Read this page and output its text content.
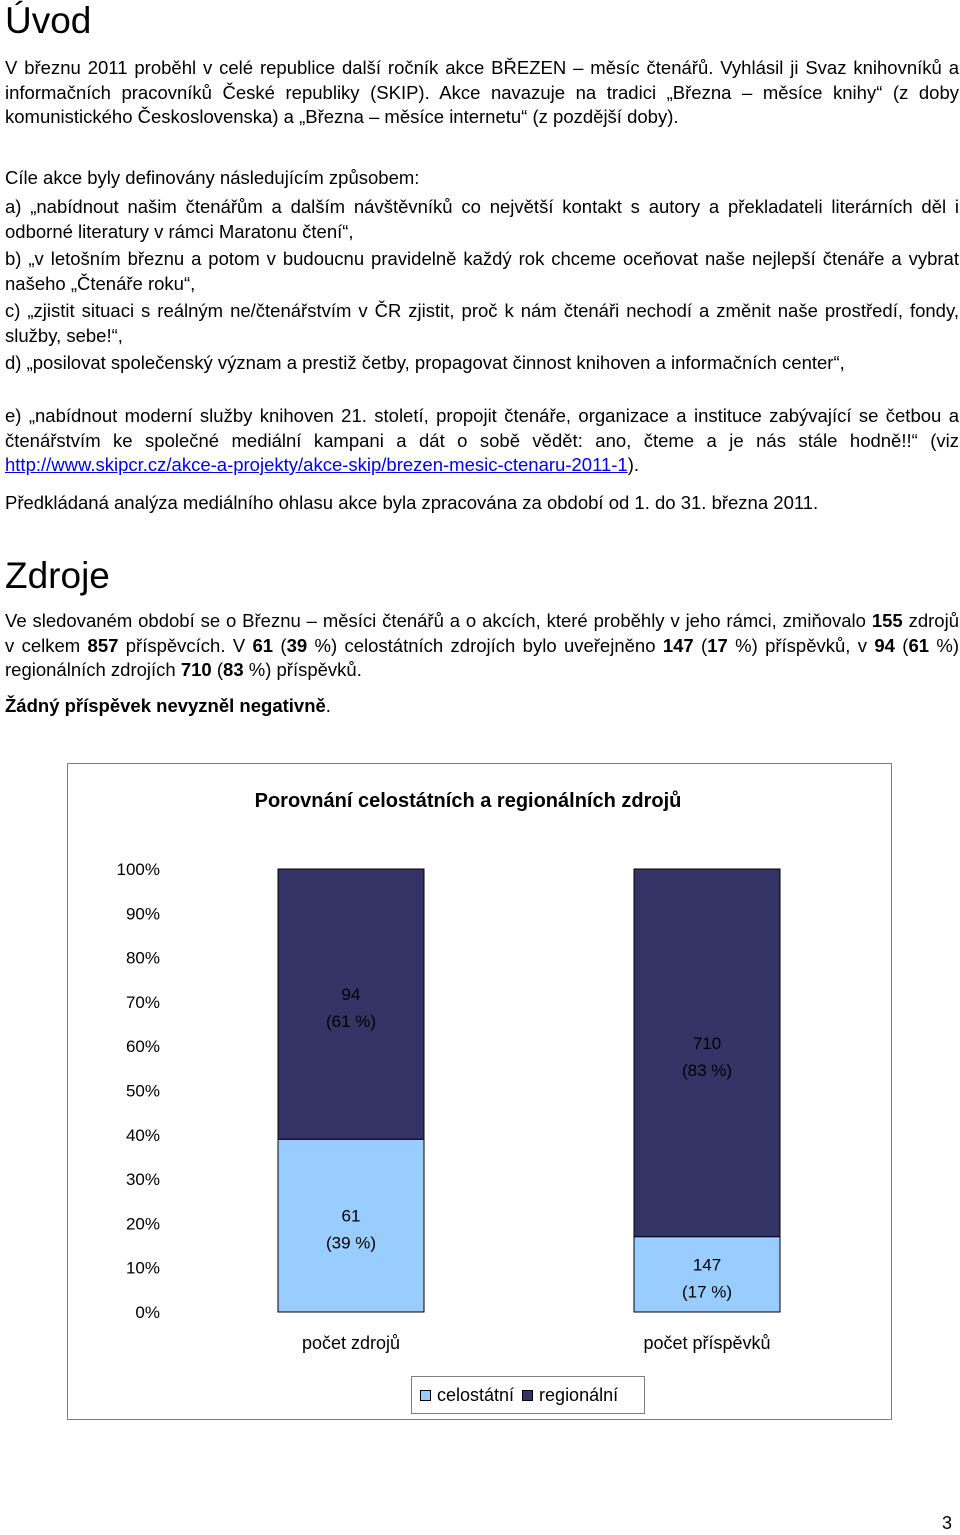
Úvod

V březnu 2011 proběhl v celé republice další ročník akce BŘEZEN – měsíc čtenářů. Vyhlásil ji Svaz knihovníků a informačních pracovníků České republiky (SKIP). Akce navazuje na tradici „Března – měsíce knihy“ (z doby komunistického Československa) a „Března – měsíce internetu“ (z pozdější doby).

Cíle akce byly definovány následujícím způsobem:

a) „nabídnout našim čtenářům a dalším návštěvníků co největší kontakt s autory a překladateli literárních děl i odborné literatury v rámci Maratonu čtení“,

b) „v letošním březnu a potom v budoucnu pravidelně každý rok chceme oceňovat naše nejlepší čtenáře a vybrat našeho „Čtenáře roku“,

c) „zjistit situaci s reálným ne/čtenářstvím v ČR zjistit, proč k nám čtenáři nechodí a změnit naše prostředí, fondy, služby, sebe!“,

d) „posilovat společenský význam a prestiž četby, propagovat činnost knihoven a informačních center“,

e) „nabídnout moderní služby knihoven 21. století, propojit čtenáře, organizace a instituce zabývající se četbou a čtenářstvím ke společné mediální kampani a dát o sobě vědět: ano, čteme a je nás stále hodně!!“ (viz http://www.skipcr.cz/akce-a-projekty/akce-skip/brezen-mesic-ctenaru-2011-1).

Předkládaná analýza mediálního ohlasu akce byla zpracována za období od 1. do 31. března 2011.

Zdroje

Ve sledovaném období se o Březnu – měsíci čtenářů a o akcích, které proběhly v jeho rámci, zmiňovalo 155 zdrojů v celkem 857 příspěvcích. V 61 (39 %) celostátních zdrojích bylo uveřejněno 147 (17 %) příspěvků, v 94 (61 %) regionálních zdrojích 710 (83 %) příspěvků.

Žádný příspěvek nevyzněl negativně.

Porovnání celostátních a regionálních zdrojů
0%
10%
20%
30%
40%
50%
60%
70%
80%
90%
100%
61
(39 %)
94
(61 %)
počet zdrojů
147
(17 %)
710
(83 %)
počet příspěvků
celostátní regionální
3
